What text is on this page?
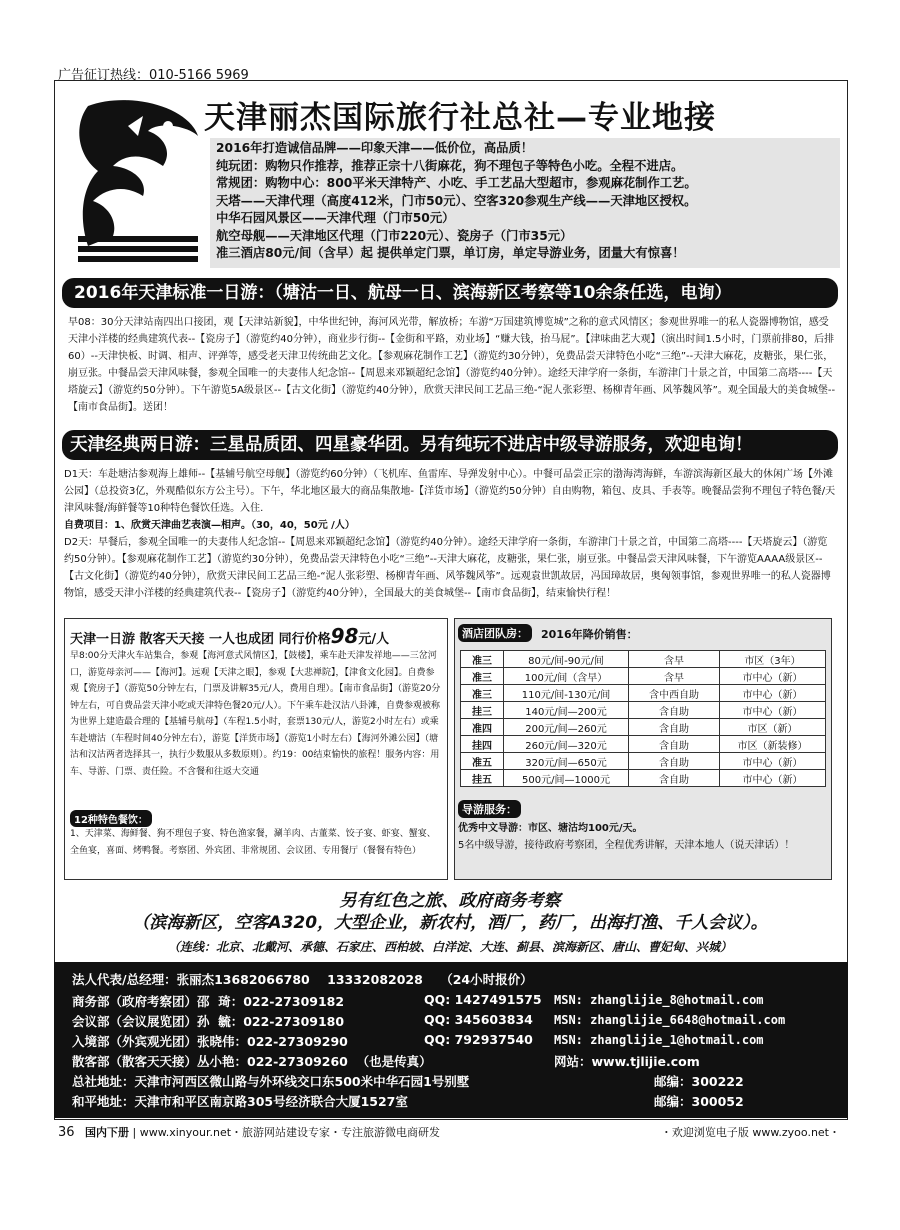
广告征订热线：010-5166 5969
天津丽杰国际旅行社总社—专业地接
2016年打造诚信品牌——印象天津——低价位，高品质！
纯玩团：购物只作推荐，推荐正宗十八街麻花，狗不理包子等特色小吃。全程不进店。
常规团：购物中心：800平米天津特产、小吃、手工艺品大型超市，参观麻花制作工艺。
天塔——天津代理（高度412米，门市50元）、空客320参观生产线——天津地区授权。
中华石园风景区——天津代理（门市50元）
航空母舰——天津地区代理（门市220元）、瓷房子（门市35元）
准三酒店80元/间（含早）起 提供单定门票，单订房，单定导游业务，团量大有惊喜！
2016年天津标准一日游：（塘沽一日、航母一日、滨海新区考察等10余条任选，电询）
早08：30分天津站南四出口接团，观【天津站新貌】，中华世纪钟，海河风光带，解放桥；车游“万国建筑博览城”之称的意式风情区；参观世界唯一的私人瓷器博物馆，感受天津小洋楼的经典建筑代表--【瓷房子】（游览约40分钟），商业步行街--【金街和平路，劝业场】“赚大钱，抬马屁”。【津味曲艺大观】（演出时间1.5小时，门票前排80，后排60）--天津快板、时调、相声、评弹等，感受老天津卫传统曲艺文化。【参观麻花制作工艺】（游览约30分钟），免费品尝天津特色小吃“三绝”--天津大麻花，皮糖张，果仁张，崩豆张。中餐品尝天津风味餐，参观全国唯一的夫妻伟人纪念馆--【周恩来邓颖超纪念馆】（游览约40分钟）。途经天津学府一条街，车游津门十景之首，中国第二高塔----【天塔旋云】（游览约50分钟）。下午游览5A级景区--【古文化街】（游览约40分钟），欣赏天津民间工艺品三绝-“泥人张彩塑、杨柳青年画、风筝魏风筝”。观全国最大的美食城堡--【南市食品街】。送团！
天津经典两日游：三星品质团、四星豪华团。另有纯玩不进店中级导游服务，欢迎电询！
D1天：车赴塘沽参观海上雄师--【基辅号航空母舰】（游览约60分钟）（飞机库、鱼雷库、导弹发射中心）。中餐可品尝正宗的渤海湾海鲜，车游滨海新区最大的休闲广场【外滩公园】（总投资3亿，外观酷似东方公主号）。下午，华北地区最大的商品集散地-【洋货市场】（游览约50分钟）自由购物，箱包、皮具、手表等。晚餐品尝狗不理包子特色餐/天津风味餐/海鲜餐等10种特色餐饮任选。入住.
自费项目：1、欣赏天津曲艺表演—相声。（30，40，50元 /人）
D2天：早餐后，参观全国唯一的夫妻伟人纪念馆--【周恩来邓颖超纪念馆】（游览约40分钟）。途经天津学府一条街，车游津门十景之首，中国第二高塔----【天塔旋云】（游览约50分钟）。【参观麻花制作工艺】（游览约30分钟），免费品尝天津特色小吃“三绝”--天津大麻花，皮糖张，果仁张，崩豆张。中餐品尝天津风味餐，下午游览AAAA级景区--【古文化街】（游览约40分钟），欣赏天津民间工艺品三绝-“泥人张彩塑、杨柳青年画、风筝魏风筝”。远观袁世凯故居，冯国璋故居，奥匈领事馆，参观世界唯一的私人瓷器博物馆，感受天津小洋楼的经典建筑代表--【瓷房子】（游览约40分钟），全国最大的美食城堡--【南市食品街】，结束愉快行程！
天津一日游 散客天天接 一人也成团 同行价格98元/人
早8:00分天津火车站集合，参观【海河意式风情区】，【鼓楼】，乘车赴天津发祥地——三岔河口，游览母亲河——【海河】。远观【天津之眼】，参观【大悲禅院】，【津食文化园】。自费参观【瓷房子】（游览50分钟左右，门票及讲解35元/人，费用自理）。【南市食品街】（游览20分钟左右，可自费品尝天津小吃或天津特色餐20元/人）。下午乘车赴汉沽八卦滩，自费参观被称为世界上建造最合理的【基辅号航母】（车程1.5小时，套票130元/人，游览2小时左右）或乘车赴塘沽（车程时间40分钟左右），游览【洋货市场】（游览1小时左右）【海河外滩公园】（塘沽和汉沽两者选择其一，执行少数服从多数原则）。约19：00结束愉快的旅程！服务内容：用车、导游、门票、责任险。不含餐和往返大交通
12种特色餐饮：
1、天津菜、海鲜餐、狗不理包子宴、特色渔家餐，涮羊肉、古董菜、饺子宴、虾宴、蟹宴、全鱼宴，喜面、烤鸭餐。考察团、外宾团、非常规团、会议团、专用餐厅（餐餐有特色）
酒店团队房：	2016年降价销售：
准三	80元/间-90元/间	含早	市区（3年）
准三	100元/间（含早）	含早	市中心（新）
准三	110元/间-130元/间	含中西自助	市中心（新）
挂三	140元/间—200元	含自助	市中心（新）
准四	200元/间—260元	含自助	市区（新）
挂四	260元/间—320元	含自助	市区（新装修）
准五	320元/间—650元	含自助	市中心（新）
挂五	500元/间—1000元	含自助	市中心（新）
导游服务：
优秀中文导游：市区、塘沽均100元/天。
5名中级导游，接待政府考察团，全程优秀讲解，天津本地人（说天津话）！
另有红色之旅、政府商务考察
（滨海新区，空客A320，大型企业，新农村，酒厂，药厂，出海打渔、千人会议）。
（连线：北京、北戴河、承德、石家庄、西柏坡、白洋淀、大连、蓟县、滨海新区、唐山、曹妃甸、兴城）
法人代表/总经理：张丽杰13682066780    13332082028    （24小时报价）
商务部（政府考察团）邵  琦：022-27309182	QQ: 1427491575 MSN: zhanglijie_8@hotmail.com
会议部（会议展览团）孙  毓：022-27309180	QQ: 345603834 MSN: zhanglijie_6648@hotmail.com
入境部（外宾观光团）张晓伟：022-27309290	QQ: 792937540 MSN: zhanglijie_1@hotmail.com
散客部（散客天天接）丛小艳：022-27309260  （也是传真）	网站：www.tjlijie.com
总社地址：天津市河西区微山路与外环线交口东500米中华石园1号别墅	邮编：300222
和平地址：天津市和平区南京路305号经济联合大厦1527室	邮编：300052
36 国内下册 | www.xinyour.net・旅游网站建设专家・专注旅游微电商研发	・欢迎浏览电子版 www.zyoo.net・
